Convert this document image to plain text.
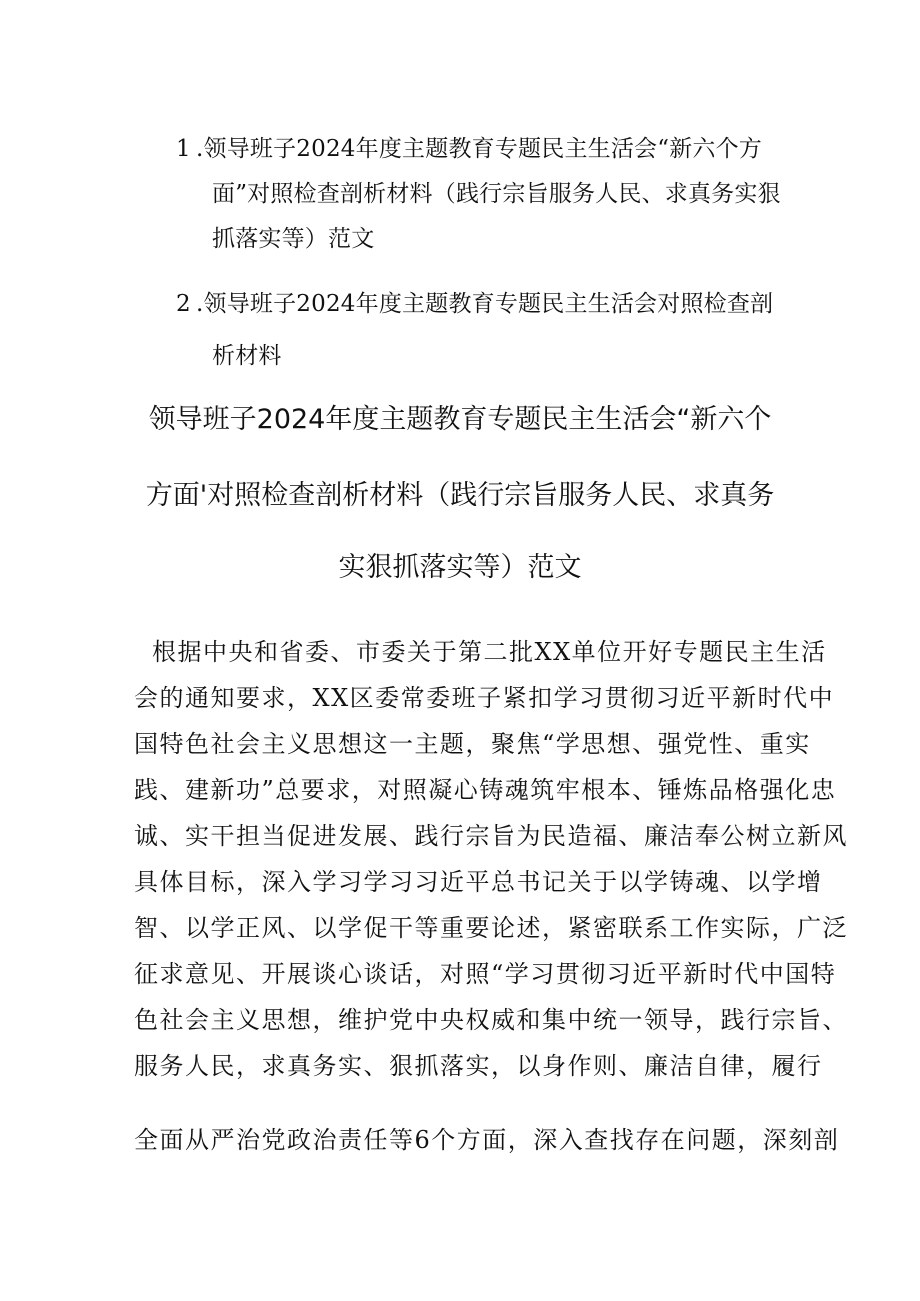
1 .领导班子2024年度主题教育专题民主生活会“新六个方
面”对照检查剖析材料（践行宗旨服务人民、求真务实狠
抓落实等）范文
2 .领导班子2024年度主题教育专题民主生活会对照检查剖
析材料
领导班子2024年度主题教育专题民主生活会“新六个
方面'对照检查剖析材料（践行宗旨服务人民、求真务
实狠抓落实等）范文
根据中央和省委、市委关于第二批XX单位开好专题民主生活
会的通知要求，XX区委常委班子紧扣学习贯彻习近平新时代中
国特色社会主义思想这一主题，聚焦“学思想、强党性、重实
践、建新功”总要求，对照凝心铸魂筑牢根本、锤炼品格强化忠
诚、实干担当促进发展、践行宗旨为民造福、廉洁奉公树立新风
具体目标，深入学习学习习近平总书记关于以学铸魂、以学增
智、以学正风、以学促干等重要论述，紧密联系工作实际，广泛
征求意见、开展谈心谈话，对照“学习贯彻习近平新时代中国特
色社会主义思想，维护党中央权威和集中统一领导，践行宗旨、
服务人民，求真务实、狠抓落实，以身作则、廉洁自律，履行
全面从严治党政治责任等6个方面，深入查找存在问题，深刻剖
